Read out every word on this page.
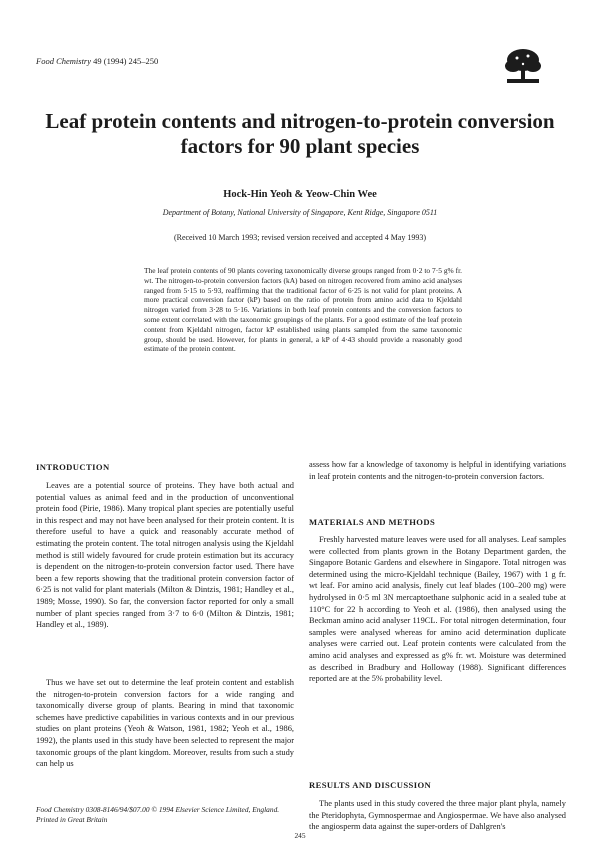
Food Chemistry 49 (1994) 245–250
Leaf protein contents and nitrogen-to-protein conversion factors for 90 plant species
Hock-Hin Yeoh & Yeow-Chin Wee
Department of Botany, National University of Singapore, Kent Ridge, Singapore 0511
(Received 10 March 1993; revised version received and accepted 4 May 1993)

The leaf protein contents of 90 plants covering taxonomically diverse groups ranged from 0·2 to 7·5 g% fr. wt. The nitrogen-to-protein conversion factors (kA) based on nitrogen recovered from amino acid analyses ranged from 5·15 to 5·93, reaffirming that the traditional factor of 6·25 is not valid for plant proteins. A more practical conversion factor (kP) based on the ratio of protein from amino acid data to Kjeldahl nitrogen varied from 3·28 to 5·16. Variations in both leaf protein contents and the conversion factors to some extent correlated with the taxonomic groupings of the plants. For a good estimate of the leaf protein content from Kjeldahl nitrogen, factor kP established using plants sampled from the same taxonomic group, should be used. However, for plants in general, a kP of 4·43 should provide a reasonably good estimate of the protein content.

INTRODUCTION

Leaves are a potential source of proteins. They have both actual and potential values as animal feed and in the production of unconventional protein food (Pirie, 1986). Many tropical plant species are potentially useful in this respect and may not have been analysed for their protein content. It is therefore useful to have a quick and reasonably accurate method of estimating the protein content. The total nitrogen analysis using the Kjeldahl method is still widely favoured for crude protein estimation but its accuracy is dependent on the nitrogen-to-protein conversion factor used. There have been a few reports showing that the traditional protein conversion factor of 6·25 is not valid for plant materials (Milton & Dintzis, 1981; Handley et al., 1989; Mosse, 1990). So far, the conversion factor reported for only a small number of plant species ranged from 3·7 to 6·0 (Milton & Dintzis, 1981; Handley et al., 1989).

Thus we have set out to determine the leaf protein content and establish the nitrogen-to-protein conversion factors for a wide ranging and taxonomically diverse group of plants. Bearing in mind that taxonomic schemes have predictive capabilities in various contexts and in our previous studies on plant proteins (Yeoh & Watson, 1981, 1982; Yeoh et al., 1986, 1992), the plants used in this study have been selected to represent the major taxonomic groups of the plant kingdom. Moreover, results from such a study can help us

assess how far a knowledge of taxonomy is helpful in identifying variations in leaf protein contents and the nitrogen-to-protein conversion factors.

MATERIALS AND METHODS

Freshly harvested mature leaves were used for all analyses. Leaf samples were collected from plants grown in the Botany Department garden, the Singapore Botanic Gardens and elsewhere in Singapore. Total nitrogen was determined using the micro-Kjeldahl technique (Bailey, 1967) with 1 g fr. wt leaf. For amino acid analysis, finely cut leaf blades (100–200 mg) were hydrolysed in 0·5 ml 3N mercaptoethane sulphonic acid in a sealed tube at 110°C for 22 h according to Yeoh et al. (1986), then analysed using the Beckman amino acid analyser 119CL. For total nitrogen determination, four samples were analysed whereas for amino acid determination duplicate analyses were carried out. Leaf protein contents were calculated from the amino acid analyses and expressed as g% fr. wt. Moisture was determined as described in Bradbury and Holloway (1988). Significant differences reported are at the 5% probability level.

RESULTS AND DISCUSSION

The plants used in this study covered the three major plant phyla, namely the Pteridophyta, Gymnospermae and Angiospermae. We have also analysed the angiosperm data against the super-orders of Dahlgren's

Food Chemistry 0308-8146/94/$07.00 © 1994 Elsevier Science Limited, England. Printed in Great Britain
245
